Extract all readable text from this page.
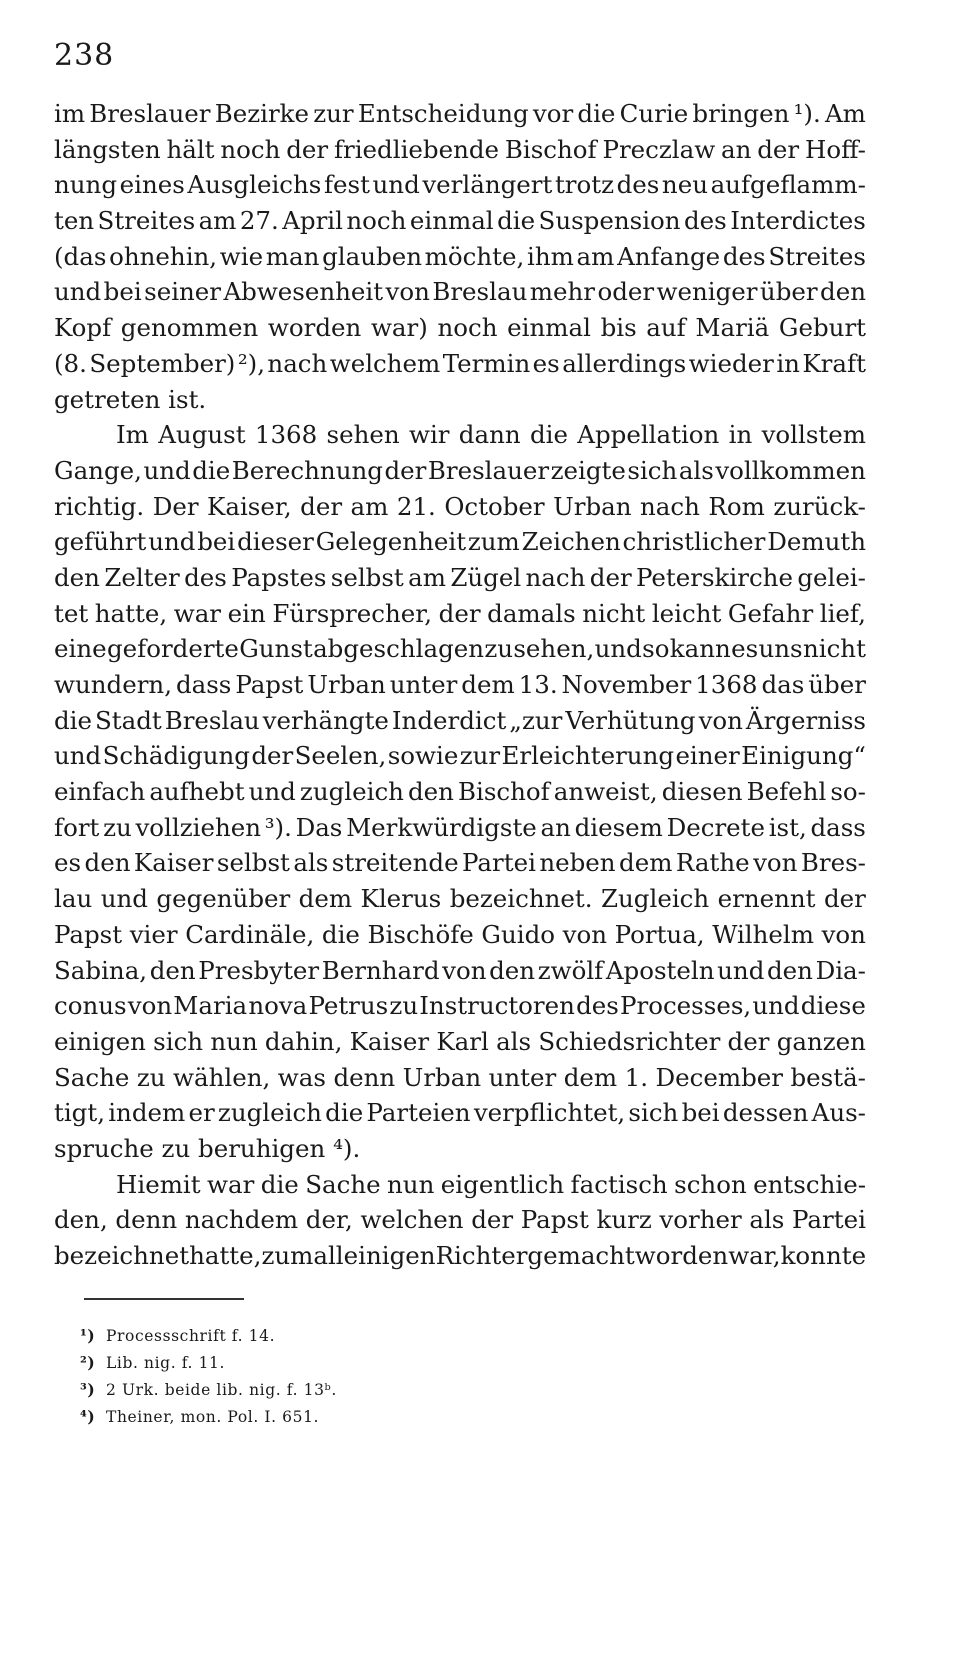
238
im Breslauer Bezirke zur Entscheidung vor die Curie bringen ¹). Am
längsten hält noch der friedliebende Bischof Preczlaw an der Hoff-
nung eines Ausgleichs fest und verlängert trotz des neu aufgeflamm-
ten Streites am 27. April noch einmal die Suspension des Interdictes
(das ohnehin, wie man glauben möchte, ihm am Anfange des Streites
und bei seiner Abwesenheit von Breslau mehr oder weniger über den
Kopf genommen worden war) noch einmal bis auf Mariä Geburt
(8. September) ²), nach welchem Termin es allerdings wieder in Kraft
getreten ist.
Im August 1368 sehen wir dann die Appellation in vollstem
Gange, und die Berechnung der Breslauer zeigte sich als vollkommen
richtig. Der Kaiser, der am 21. October Urban nach Rom zurück-
geführt und bei dieser Gelegenheit zum Zeichen christlicher Demuth
den Zelter des Papstes selbst am Zügel nach der Peterskirche gelei-
tet hatte, war ein Fürsprecher, der damals nicht leicht Gefahr lief,
eine geforderte Gunst abgeschlagen zu sehen, und so kann es uns nicht
wundern, dass Papst Urban unter dem 13. November 1368 das über
die Stadt Breslau verhängte Inderdict „zur Verhütung von Ärgerniss
und Schädigung der Seelen, sowie zur Erleichterung einer Einigung“
einfach aufhebt und zugleich den Bischof anweist, diesen Befehl so-
fort zu vollziehen ³). Das Merkwürdigste an diesem Decrete ist, dass
es den Kaiser selbst als streitende Partei neben dem Rathe von Bres-
lau und gegenüber dem Klerus bezeichnet. Zugleich ernennt der
Papst vier Cardinäle, die Bischöfe Guido von Portua, Wilhelm von
Sabina, den Presbyter Bernhard von den zwölf Aposteln und den Dia-
conus von Maria nova Petrus zu Instructoren des Processes, und diese
einigen sich nun dahin, Kaiser Karl als Schiedsrichter der ganzen
Sache zu wählen, was denn Urban unter dem 1. December bestä-
tigt, indem er zugleich die Parteien verpflichtet, sich bei dessen Aus-
spruche zu beruhigen ⁴).
Hiemit war die Sache nun eigentlich factisch schon entschie-
den, denn nachdem der, welchen der Papst kurz vorher als Partei
bezeichnet hatte, zum alleinigen Richter gemacht worden war, konnte
¹) Processschrift f. 14.
²) Lib. nig. f. 11.
³) 2 Urk. beide lib. nig. f. 13ᵇ.
⁴) Theiner, mon. Pol. I. 651.
